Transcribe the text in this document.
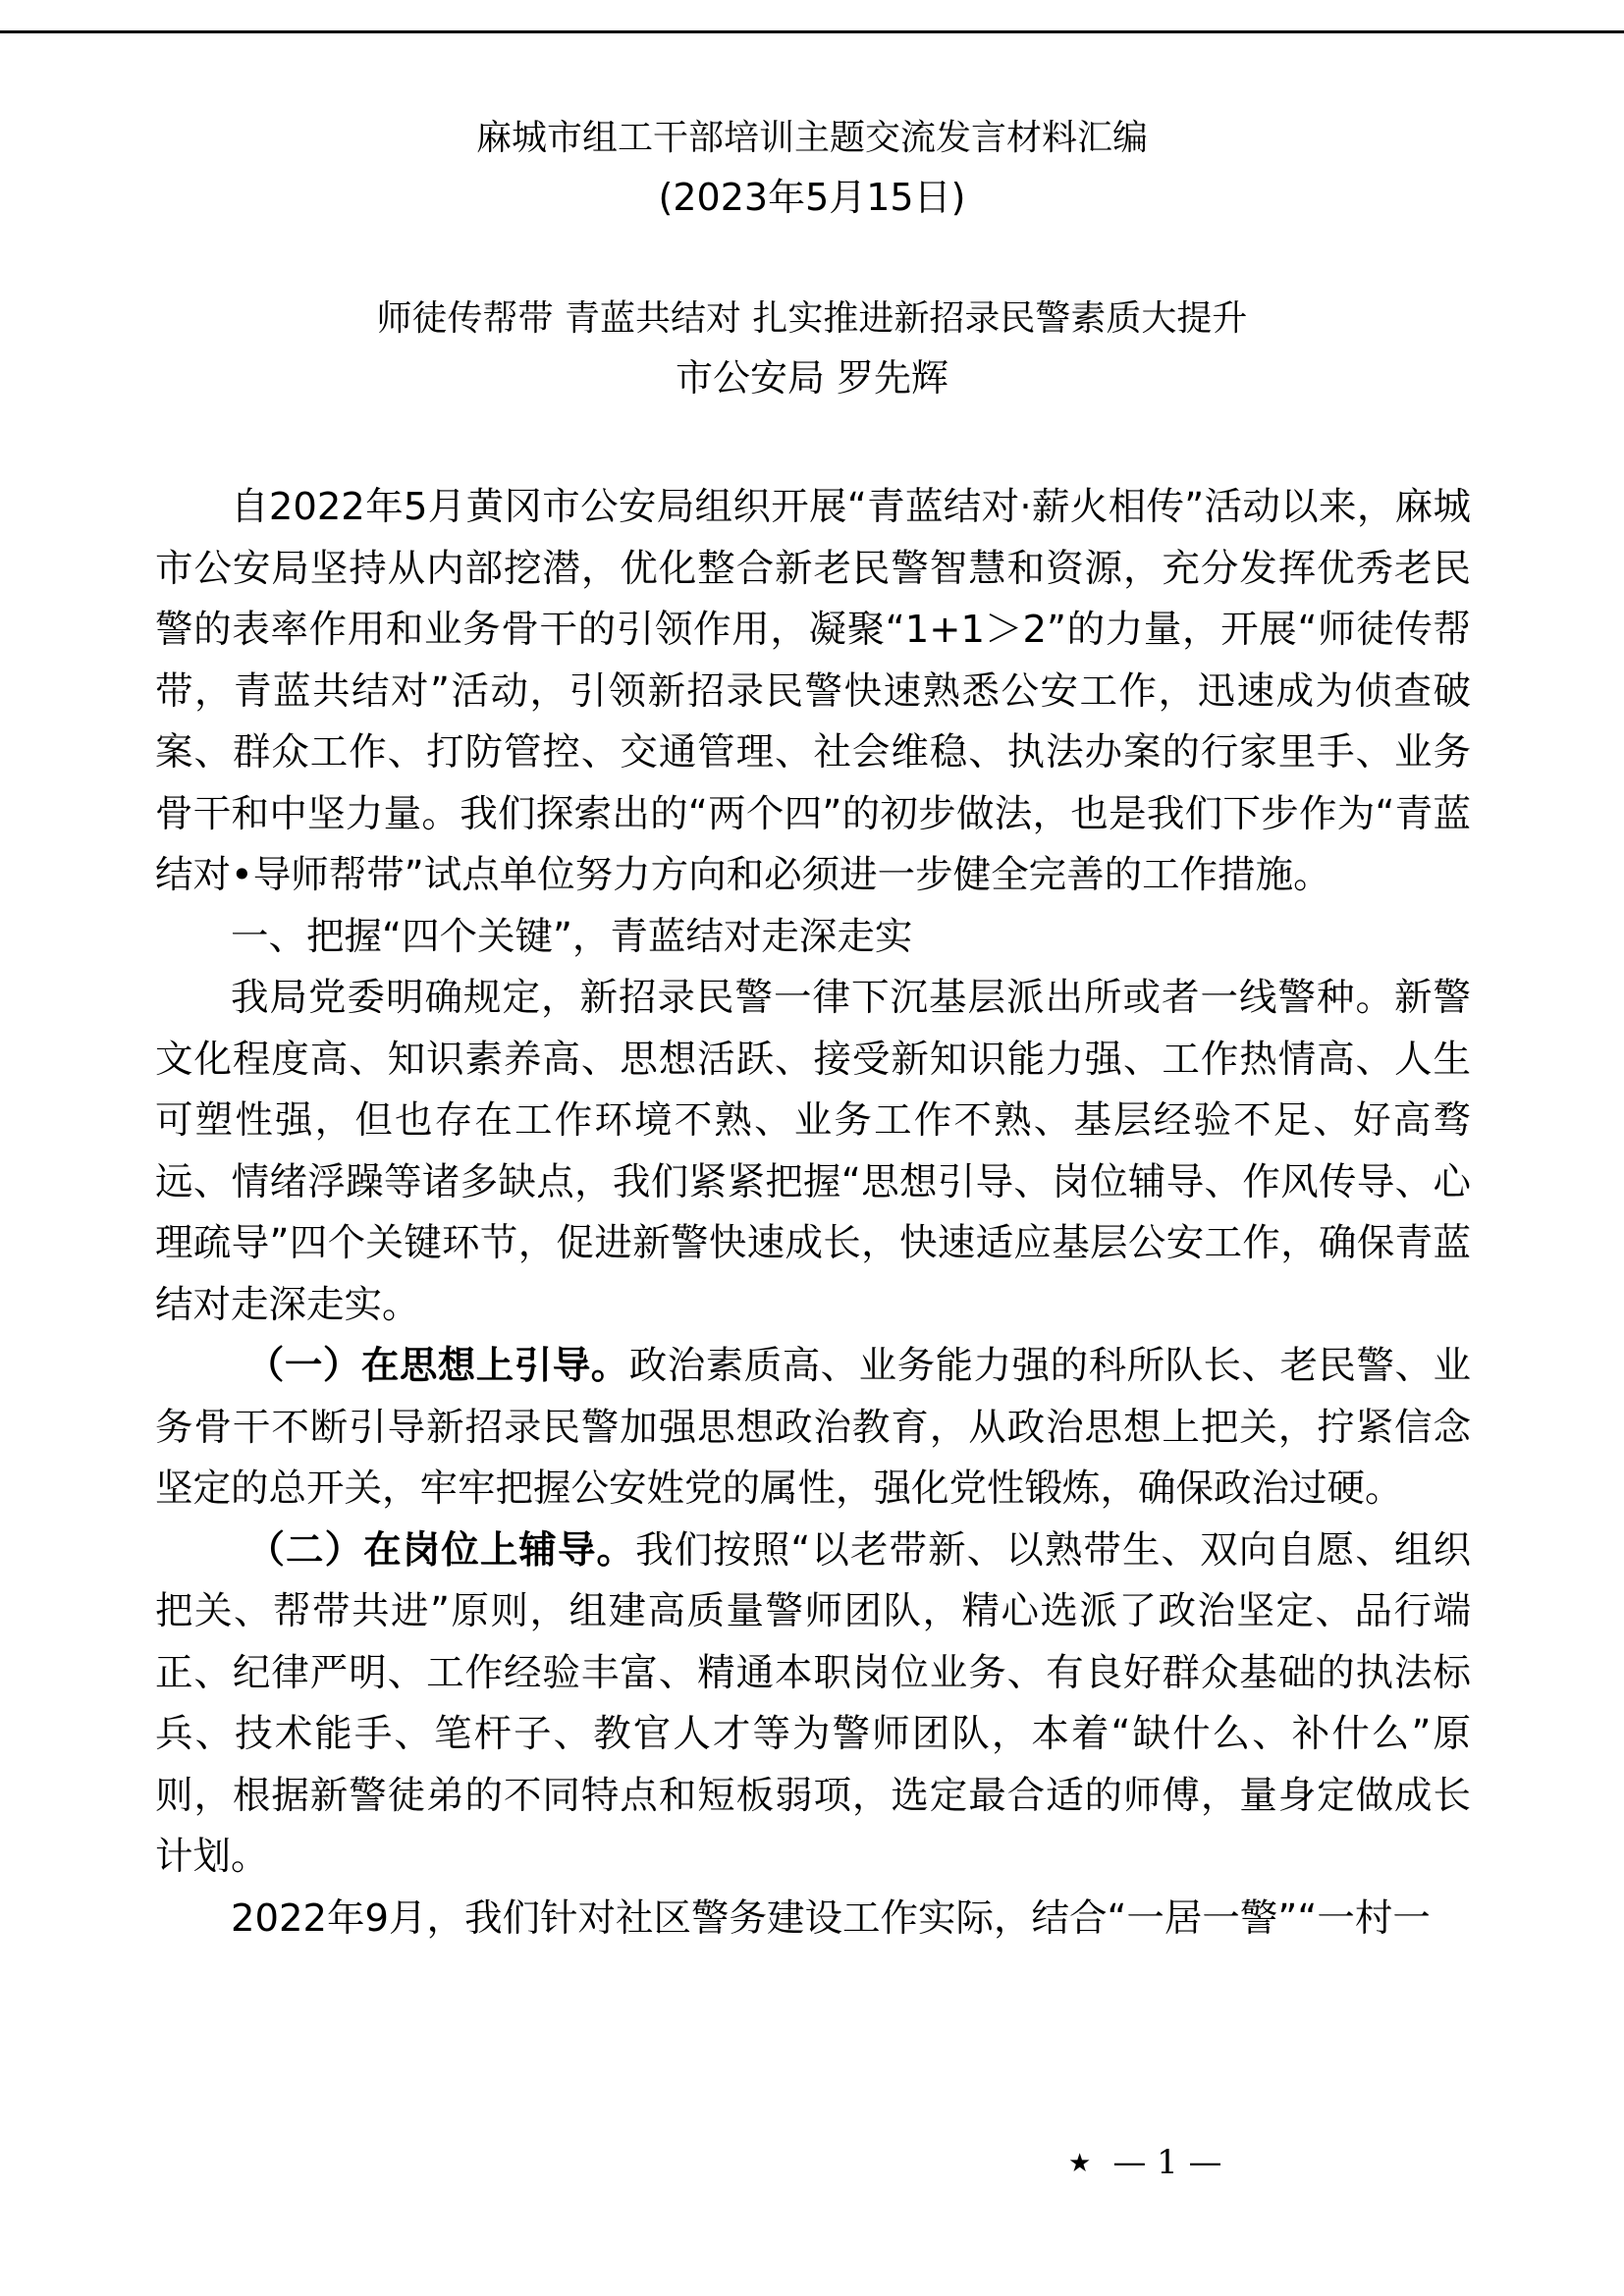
麻城市组工干部培训主题交流发言材料汇编
(2023年5月15日)
师徒传帮带 青蓝共结对 扎实推进新招录民警素质大提升
市公安局 罗先辉

自2022年5月黄冈市公安局组织开展“青蓝结对·薪火相传”活动以来，麻城市公安局坚持从内部挖潜，优化整合新老民警智慧和资源，充分发挥优秀老民警的表率作用和业务骨干的引领作用，凝聚“1+1＞2”的力量，开展“师徒传帮带，青蓝共结对”活动，引领新招录民警快速熟悉公安工作，迅速成为侦查破案、群众工作、打防管控、交通管理、社会维稳、执法办案的行家里手、业务骨干和中坚力量。我们探索出的“两个四”的初步做法，也是我们下步作为“青蓝结对•导师帮带”试点单位努力方向和必须进一步健全完善的工作措施。

一、把握“四个关键”，青蓝结对走深走实

我局党委明确规定，新招录民警一律下沉基层派出所或者一线警种。新警文化程度高、知识素养高、思想活跃、接受新知识能力强、工作热情高、人生可塑性强，但也存在工作环境不熟、业务工作不熟、基层经验不足、好高骛远、情绪浮躁等诸多缺点，我们紧紧把握“思想引导、岗位辅导、作风传导、心理疏导”四个关键环节，促进新警快速成长，快速适应基层公安工作，确保青蓝结对走深走实。

（一）在思想上引导。政治素质高、业务能力强的科所队长、老民警、业务骨干不断引导新招录民警加强思想政治教育，从政治思想上把关，拧紧信念坚定的总开关，牢牢把握公安姓党的属性，强化党性锻炼，确保政治过硬。

（二）在岗位上辅导。我们按照“以老带新、以熟带生、双向自愿、组织把关、帮带共进”原则，组建高质量警师团队，精心选派了政治坚定、品行端正、纪律严明、工作经验丰富、精通本职岗位业务、有良好群众基础的执法标兵、技术能手、笔杆子、教官人才等为警师团队，本着“缺什么、补什么”原则，根据新警徒弟的不同特点和短板弱项，选定最合适的师傅，量身定做成长计划。

2022年9月，我们针对社区警务建设工作实际，结合“一居一警”“一村一

★ — 1 —
